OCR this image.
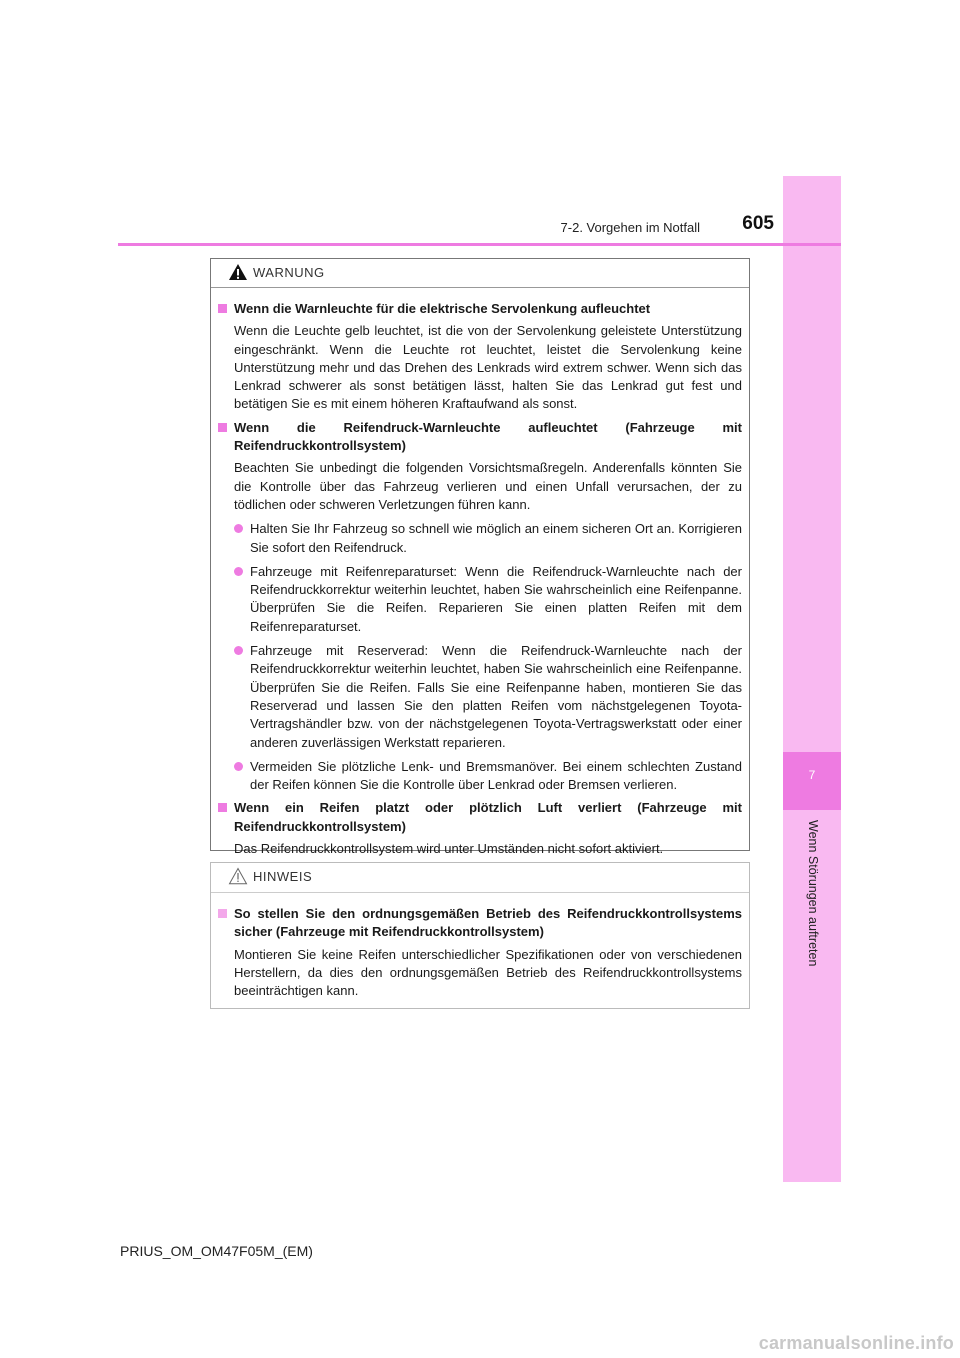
7
Wenn Störungen auftreten
7-2. Vorgehen im Notfall	605
WARNUNG
Wenn die Warnleuchte für die elektrische Servolenkung aufleuchtet
Wenn die Leuchte gelb leuchtet, ist die von der Servolenkung geleistete Unterstützung eingeschränkt. Wenn die Leuchte rot leuchtet, leistet die Servolenkung keine Unterstützung mehr und das Drehen des Lenkrads wird extrem schwer. Wenn sich das Lenkrad schwerer als sonst betätigen lässt, halten Sie das Lenkrad gut fest und betätigen Sie es mit einem höheren Kraftaufwand als sonst.
Wenn die Reifendruck-Warnleuchte aufleuchtet (Fahrzeuge mit Reifendruckkontrollsystem)
Beachten Sie unbedingt die folgenden Vorsichtsmaßregeln. Anderenfalls könnten Sie die Kontrolle über das Fahrzeug verlieren und einen Unfall verursachen, der zu tödlichen oder schweren Verletzungen führen kann.
Halten Sie Ihr Fahrzeug so schnell wie möglich an einem sicheren Ort an. Korrigieren Sie sofort den Reifendruck.
Fahrzeuge mit Reifenreparaturset: Wenn die Reifendruck-Warnleuchte nach der Reifendruckkorrektur weiterhin leuchtet, haben Sie wahrscheinlich eine Reifenpanne. Überprüfen Sie die Reifen. Reparieren Sie einen platten Reifen mit dem Reifenreparaturset.
Fahrzeuge mit Reserverad: Wenn die Reifendruck-Warnleuchte nach der Reifendruckkorrektur weiterhin leuchtet, haben Sie wahrscheinlich eine Reifenpanne. Überprüfen Sie die Reifen. Falls Sie eine Reifenpanne haben, montieren Sie das Reserverad und lassen Sie den platten Reifen vom nächstgelegenen Toyota-Vertragshändler bzw. von der nächstgelegenen Toyota-Vertragswerkstatt oder einer anderen zuverlässigen Werkstatt reparieren.
Vermeiden Sie plötzliche Lenk- und Bremsmanöver. Bei einem schlechten Zustand der Reifen können Sie die Kontrolle über Lenkrad oder Bremsen verlieren.
Wenn ein Reifen platzt oder plötzlich Luft verliert (Fahrzeuge mit Reifendruckkontrollsystem)
Das Reifendruckkontrollsystem wird unter Umständen nicht sofort aktiviert.
HINWEIS
So stellen Sie den ordnungsgemäßen Betrieb des Reifendruckkontrollsystems sicher (Fahrzeuge mit Reifendruckkontrollsystem)
Montieren Sie keine Reifen unterschiedlicher Spezifikationen oder von verschiedenen Herstellern, da dies den ordnungsgemäßen Betrieb des Reifendruckkontrollsystems beeinträchtigen kann.
PRIUS_OM_OM47F05M_(EM)
carmanualsonline.info
